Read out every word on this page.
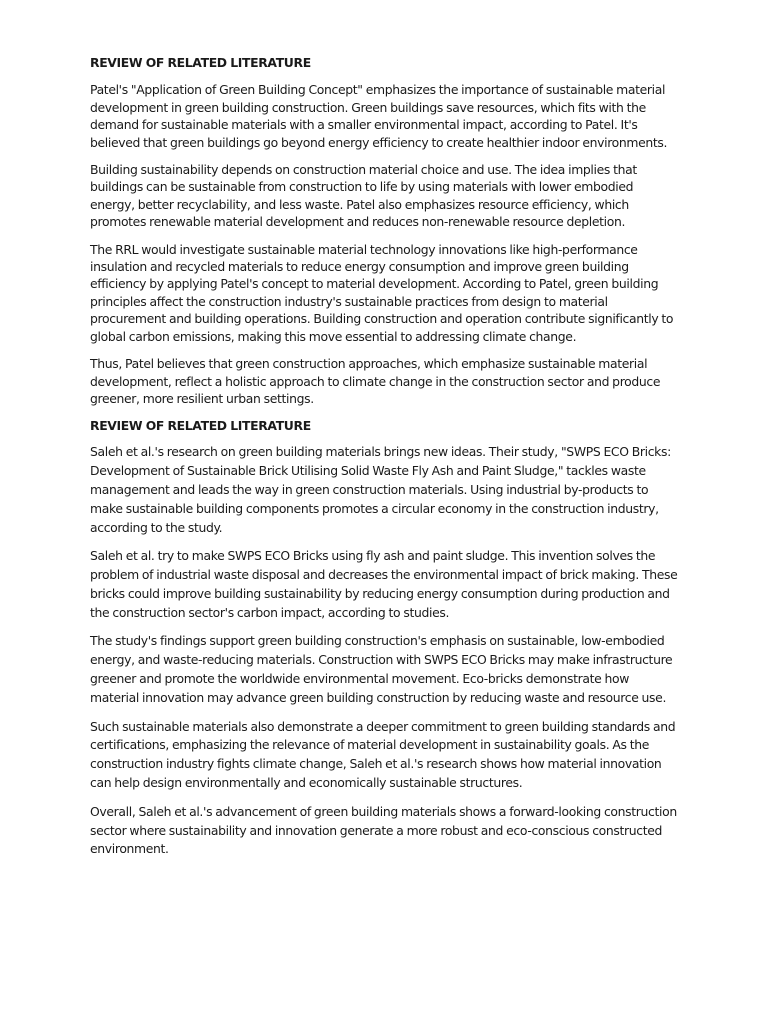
REVIEW OF RELATED LITERATURE

Patel's "Application of Green Building Concept" emphasizes the importance of sustainable material development in green building construction. Green buildings save resources, which fits with the demand for sustainable materials with a smaller environmental impact, according to Patel. It's believed that green buildings go beyond energy efficiency to create healthier indoor environments.

Building sustainability depends on construction material choice and use. The idea implies that buildings can be sustainable from construction to life by using materials with lower embodied energy, better recyclability, and less waste. Patel also emphasizes resource efficiency, which promotes renewable material development and reduces non-renewable resource depletion.

The RRL would investigate sustainable material technology innovations like high-performance insulation and recycled materials to reduce energy consumption and improve green building efficiency by applying Patel's concept to material development. According to Patel, green building principles affect the construction industry's sustainable practices from design to material procurement and building operations. Building construction and operation contribute significantly to global carbon emissions, making this move essential to addressing climate change.

Thus, Patel believes that green construction approaches, which emphasize sustainable material development, reflect a holistic approach to climate change in the construction sector and produce greener, more resilient urban settings.

REVIEW OF RELATED LITERATURE

Saleh et al.'s research on green building materials brings new ideas. Their study, "SWPS ECO Bricks: Development of Sustainable Brick Utilising Solid Waste Fly Ash and Paint Sludge," tackles waste management and leads the way in green construction materials. Using industrial by-products to make sustainable building components promotes a circular economy in the construction industry, according to the study.

Saleh et al. try to make SWPS ECO Bricks using fly ash and paint sludge. This invention solves the problem of industrial waste disposal and decreases the environmental impact of brick making. These bricks could improve building sustainability by reducing energy consumption during production and the construction sector's carbon impact, according to studies.

The study's findings support green building construction's emphasis on sustainable, low-embodied energy, and waste-reducing materials. Construction with SWPS ECO Bricks may make infrastructure greener and promote the worldwide environmental movement. Eco-bricks demonstrate how material innovation may advance green building construction by reducing waste and resource use.

Such sustainable materials also demonstrate a deeper commitment to green building standards and certifications, emphasizing the relevance of material development in sustainability goals. As the construction industry fights climate change, Saleh et al.'s research shows how material innovation can help design environmentally and economically sustainable structures.

Overall, Saleh et al.'s advancement of green building materials shows a forward-looking construction sector where sustainability and innovation generate a more robust and eco-conscious constructed environment.
